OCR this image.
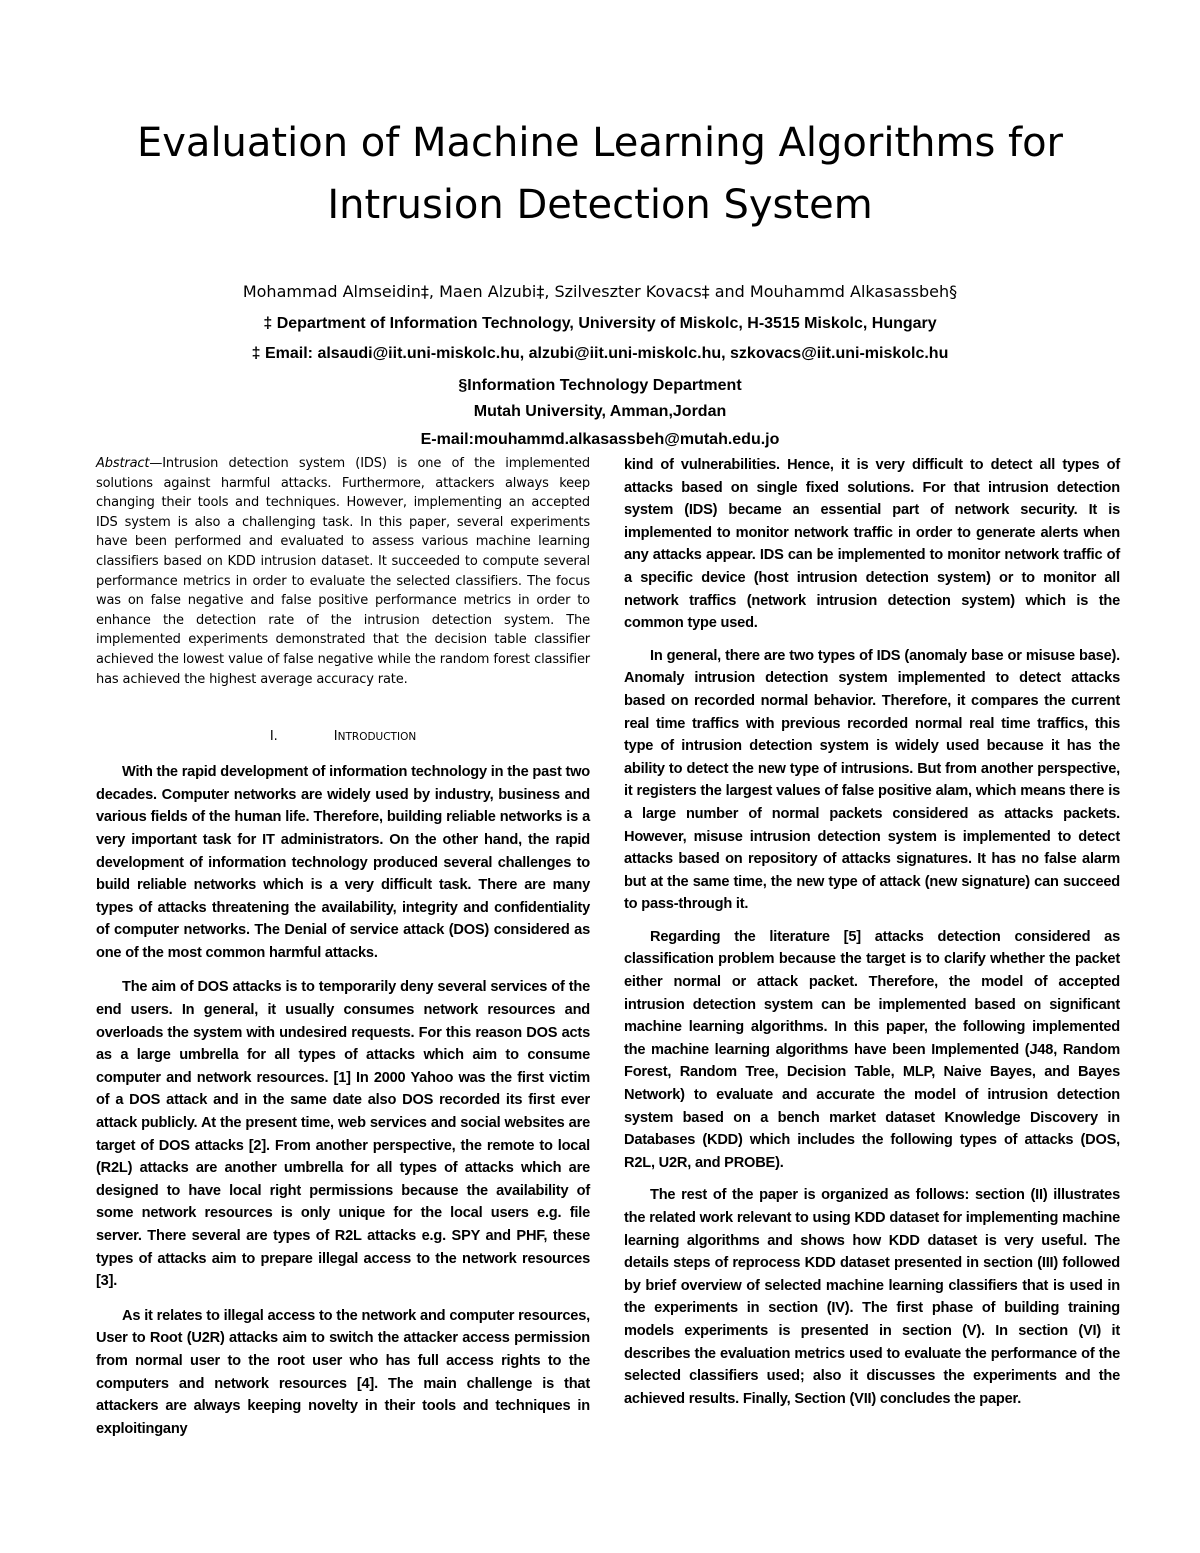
Evaluation of Machine Learning Algorithms for
Intrusion Detection System

Mohammad Almseidin‡, Maen Alzubi‡, Szilveszter Kovacs‡ and Mouhammd Alkasassbeh§

‡ Department of Information Technology, University of Miskolc, H-3515 Miskolc, Hungary

‡ Email: alsaudi@iit.uni-miskolc.hu, alzubi@iit.uni-miskolc.hu, szkovacs@iit.uni-miskolc.hu

§Information Technology Department

Mutah University, Amman,Jordan

E-mail:mouhammd.alkasassbeh@mutah.edu.jo

Abstract—Intrusion detection system (IDS) is one of the implemented solutions against harmful attacks. Furthermore, attackers always keep changing their tools and techniques. However, implementing an accepted IDS system is also a challenging task. In this paper, several experiments have been performed and evaluated to assess various machine learning classifiers based on KDD intrusion dataset. It succeeded to compute several performance metrics in order to evaluate the selected classifiers. The focus was on false negative and false positive performance metrics in order to enhance the detection rate of the intrusion detection system. The implemented experiments demonstrated that the decision table classifier achieved the lowest value of false negative while the random forest classifier has achieved the highest average accuracy rate.

I.	INTRODUCTION

With the rapid development of information technology in the past two decades. Computer networks are widely used by industry, business and various fields of the human life. Therefore, building reliable networks is a very important task for IT administrators. On the other hand, the rapid development of information technology produced several challenges to build reliable networks which is a very difficult task. There are many types of attacks threatening the availability, integrity and confidentiality of computer networks. The Denial of service attack (DOS) considered as one of the most common harmful attacks.

The aim of DOS attacks is to temporarily deny several services of the end users. In general, it usually consumes network resources and overloads the system with undesired requests. For this reason DOS acts as a large umbrella for all types of attacks which aim to consume computer and network resources. [1] In 2000 Yahoo was the first victim of a DOS attack and in the same date also DOS recorded its first ever attack publicly. At the present time, web services and social websites are target of DOS attacks [2]. From another perspective, the remote to local (R2L) attacks are another umbrella for all types of attacks which are designed to have local right permissions because the availability of some network resources is only unique for the local users e.g. file server. There several are types of R2L attacks e.g. SPY and PHF, these types of attacks aim to prepare illegal access to the network resources [3].

As it relates to illegal access to the network and computer resources, User to Root (U2R) attacks aim to switch the attacker access permission from normal user to the root user who has full access rights to the computers and network resources [4]. The main challenge is that attackers are always keeping novelty in their tools and techniques in exploitingany

kind of vulnerabilities. Hence, it is very difficult to detect all types of attacks based on single fixed solutions. For that intrusion detection system (IDS) became an essential part of network security. It is implemented to monitor network traffic in order to generate alerts when any attacks appear. IDS can be implemented to monitor network traffic of a specific device (host intrusion detection system) or to monitor all network traffics (network intrusion detection system) which is the common type used.

In general, there are two types of IDS (anomaly base or misuse base). Anomaly intrusion detection system implemented to detect attacks based on recorded normal behavior. Therefore, it compares the current real time traffics with previous recorded normal real time traffics, this type of intrusion detection system is widely used because it has the ability to detect the new type of intrusions. But from another perspective, it registers the largest values of false positive alam, which means there is a large number of normal packets considered as attacks packets. However, misuse intrusion detection system is implemented to detect attacks based on repository of attacks signatures. It has no false alarm but at the same time, the new type of attack (new signature) can succeed to pass-through it.

Regarding the literature [5] attacks detection considered as classification problem because the target is to clarify whether the packet either normal or attack packet. Therefore, the model of accepted intrusion detection system can be implemented based on significant machine learning algorithms. In this paper, the following implemented the machine learning algorithms have been Implemented (J48, Random Forest, Random Tree, Decision Table, MLP, Naive Bayes, and Bayes Network) to evaluate and accurate the model of intrusion detection system based on a bench market dataset Knowledge Discovery in Databases (KDD) which includes the following types of attacks (DOS, R2L, U2R, and PROBE).

The rest of the paper is organized as follows: section (II) illustrates the related work relevant to using KDD dataset for implementing machine learning algorithms and shows how KDD dataset is very useful. The details steps of reprocess KDD dataset presented in section (III) followed by brief overview of selected machine learning classifiers that is used in the experiments in section (IV). The first phase of building training models experiments is presented in section (V). In section (VI) it describes the evaluation metrics used to evaluate the performance of the selected classifiers used; also it discusses the experiments and the achieved results. Finally, Section (VII) concludes the paper.
